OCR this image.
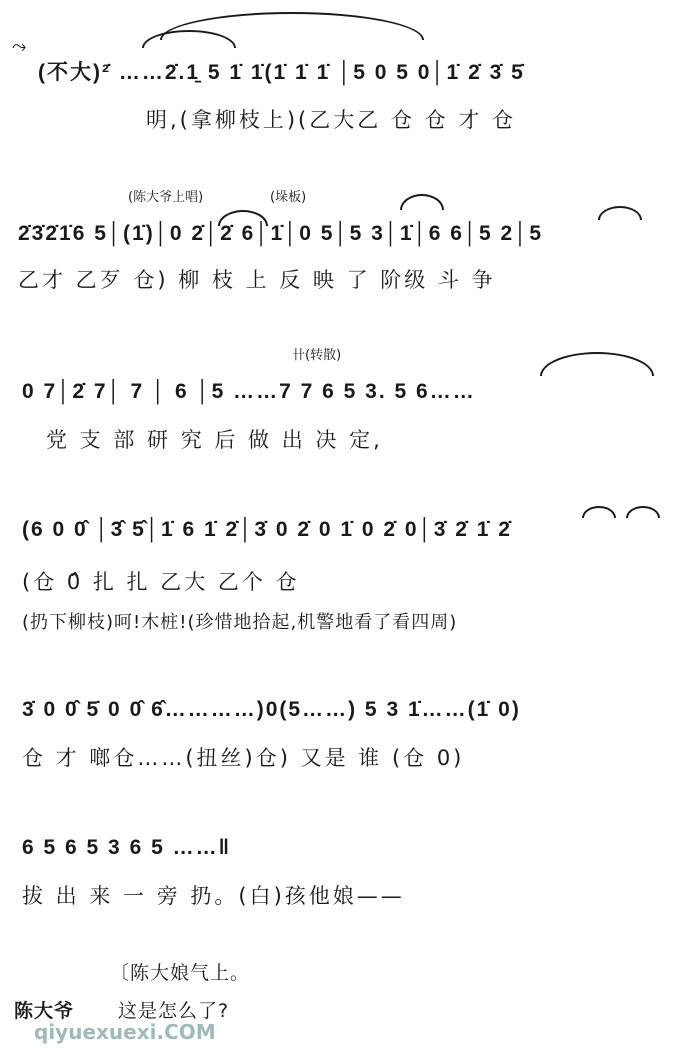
⤳
(不大)²̇ ……2̇.1̱ 5 1̇ 1̇(1̇ 1̇ 1̇ │5 0 5 0│1̇ 2̇ 3̇ 5̇
明,(拿柳枝上)(乙大乙 仓 仓 才 仓
(陈大爷上唱)	(垛板)
2̇3̇2̇1̇6 5│(1̇)│0 2̇│2̇ 6│1̇│0 5│5 3│1̇│6 6│5 2│5
乙才 乙歹 仓) 柳 枝 上 反 映 了 阶级 斗 争
卄(转散)
0 7│2̇ 7│ 7 │ 6 │5 ……7 7 6 5 3. 5 6……
党 支 部 研 究 后 做 出 决 定,
(6 0 0̂ │3̂ 5̂│1̇ 6 1̇ 2̇│3̇ 0 2̇ 0 1̇ 0 2̇ 0│3̇ 2̇ 1̇ 2̇
(仓 0̂ 扎 扎 乙大 乙个 仓
(扔下柳枝)呵!木桩!(珍惜地拾起,机警地看了看四周)
3̇ 0 0̂ 5̇ 0 0̂ 6̂…………)0(5……) 5 3 1̇……(1̇ 0)
仓 才 啷仓……(扭丝)仓) 又是 谁 (仓 0)
6 5 6 5 3 6 5 ……‖
拔 出 来 一 旁 扔。(白)孩他娘——
〔陈大娘气上。
陈大爷 这是怎么了?
qiyuexuexi.COM
